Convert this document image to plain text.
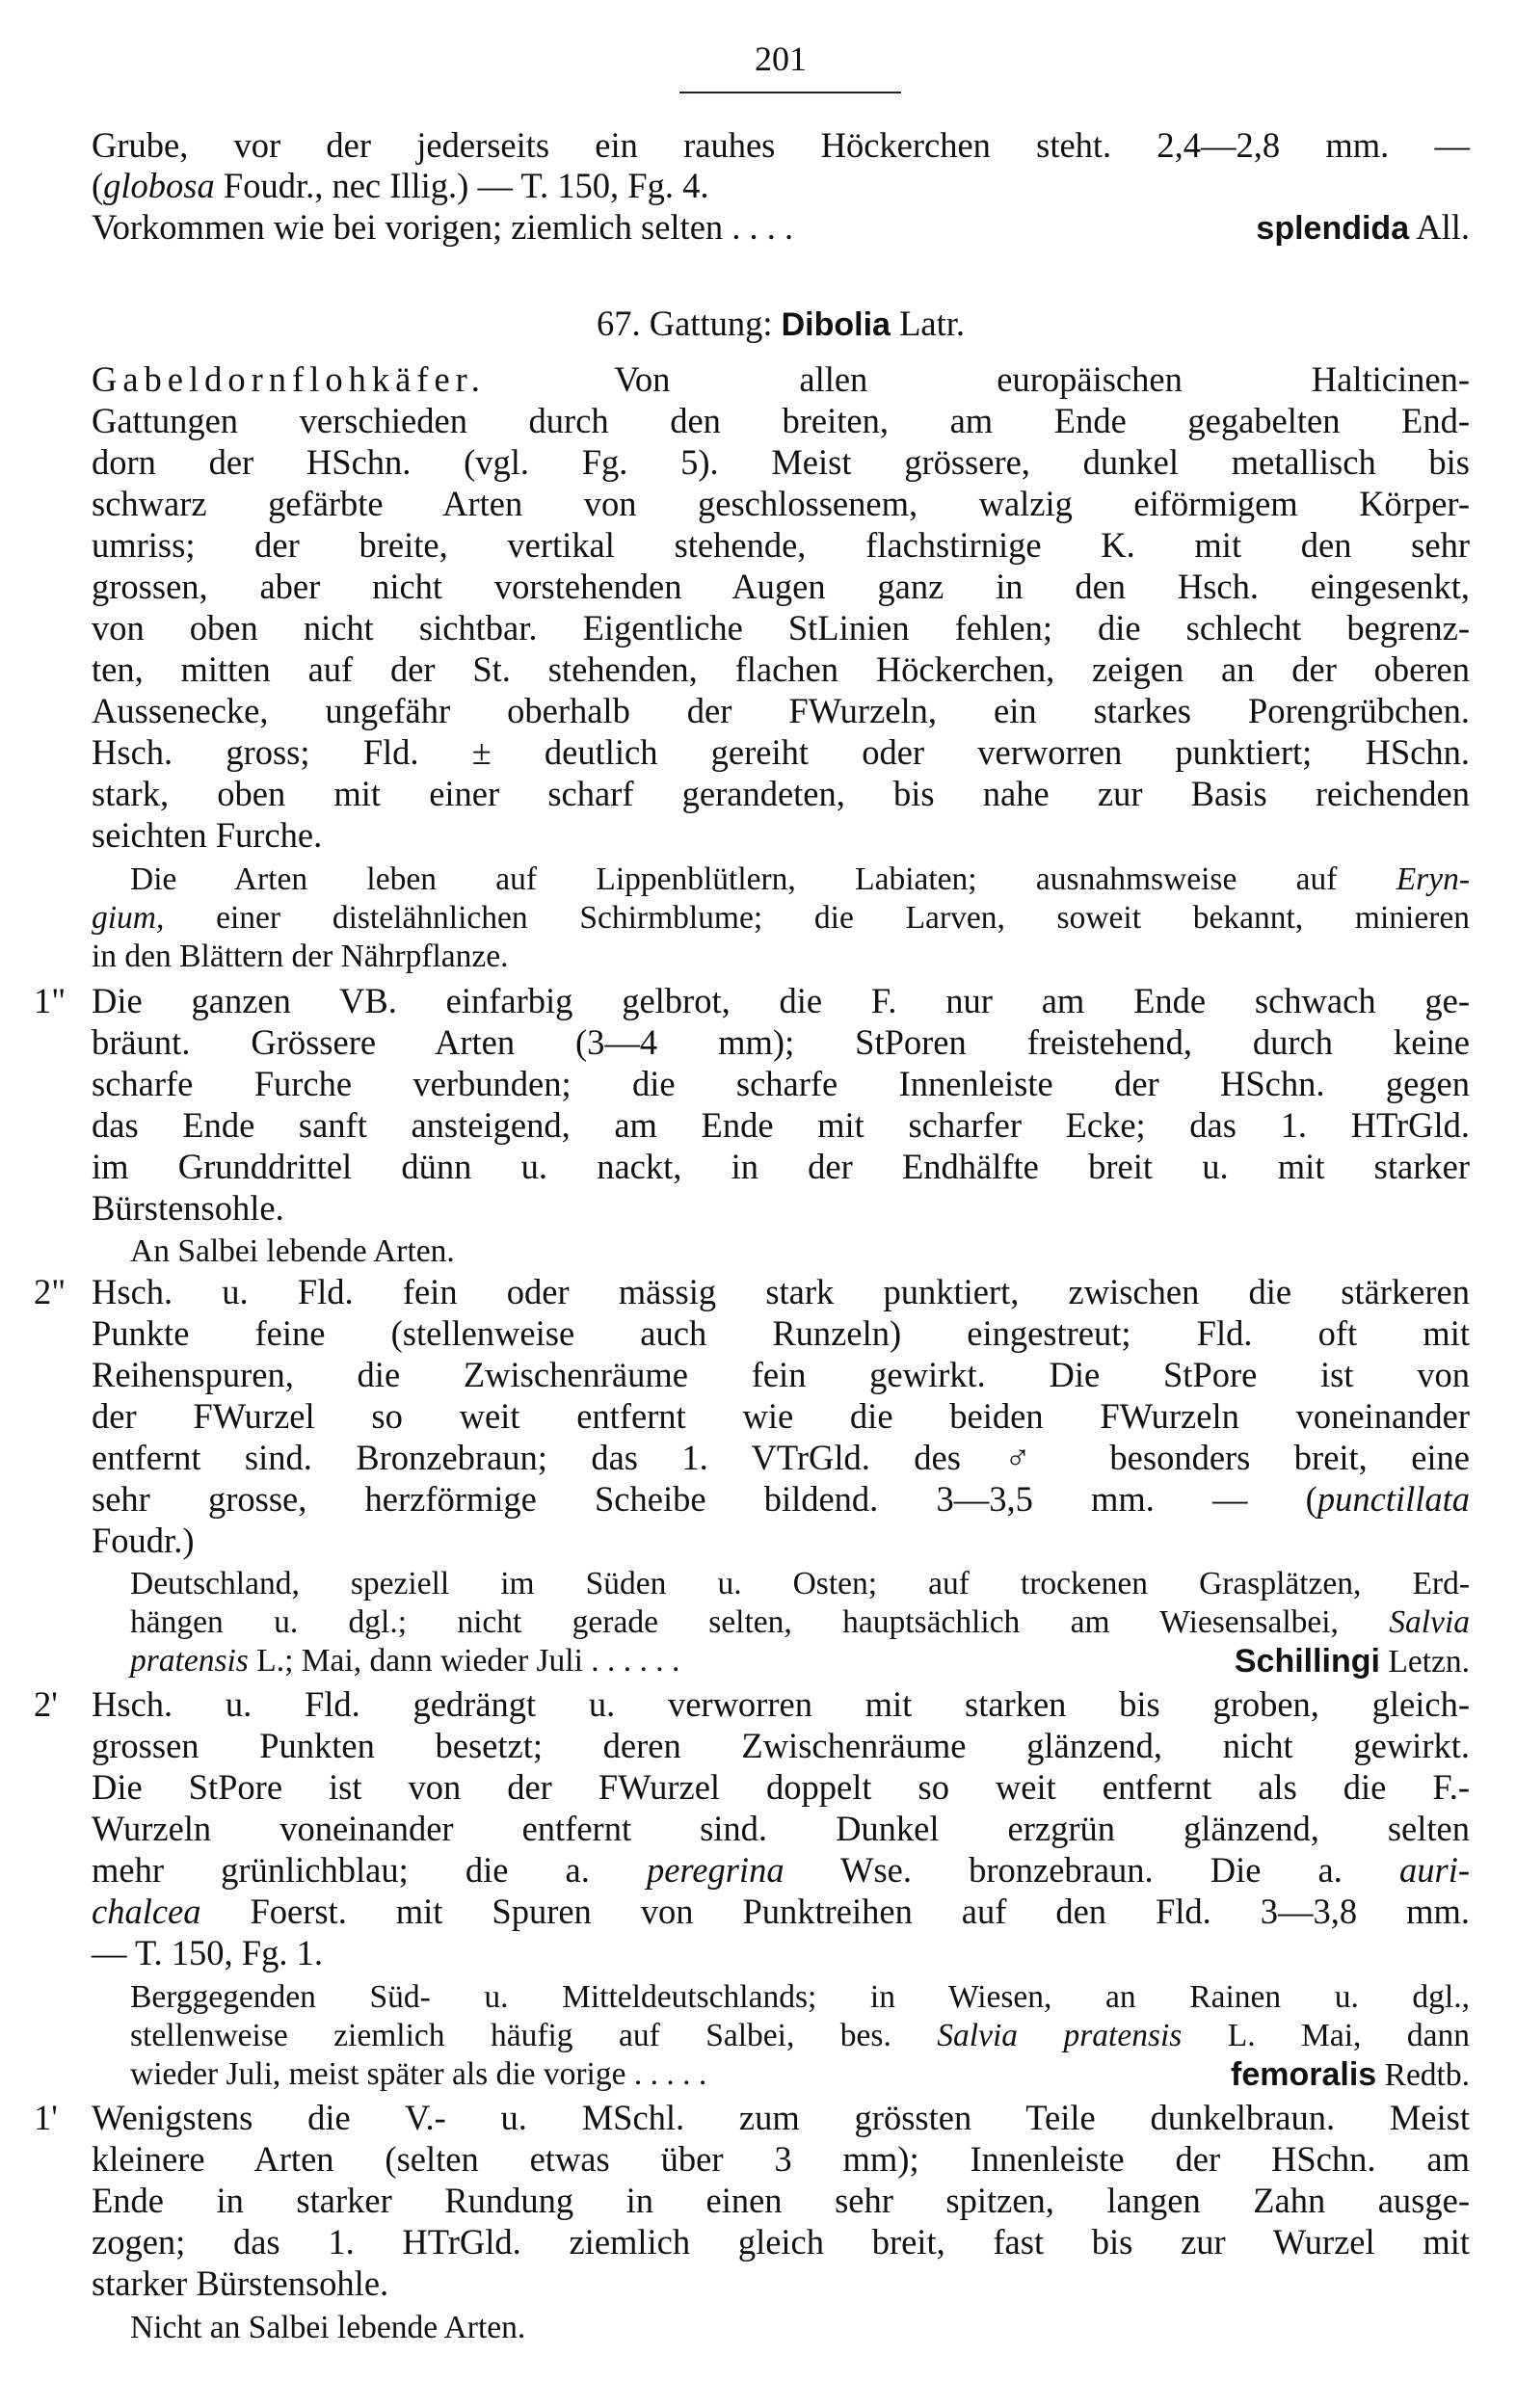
201
Grube, vor der jederseits ein rauhes Höckerchen steht. 2,4—2,8 mm. —
(globosa Foudr., nec Illig.) — T. 150, Fg. 4.
Vorkommen wie bei vorigen; ziemlich selten . . . .	splendida All.
67. Gattung: Dibolia Latr.
Gabeldornflohkäfer. Von allen europäischen Halticinen-
Gattungen verschieden durch den breiten, am Ende gegabelten End-
dorn der HSchn. (vgl. Fg. 5). Meist grössere, dunkel metallisch bis
schwarz gefärbte Arten von geschlossenem, walzig eiförmigem Körper-
umriss; der breite, vertikal stehende, flachstirnige K. mit den sehr
grossen, aber nicht vorstehenden Augen ganz in den Hsch. eingesenkt,
von oben nicht sichtbar. Eigentliche StLinien fehlen; die schlecht begrenz-
ten, mitten auf der St. stehenden, flachen Höckerchen, zeigen an der oberen
Aussenecke, ungefähr oberhalb der FWurzeln, ein starkes Porengrübchen.
Hsch. gross; Fld. ± deutlich gereiht oder verworren punktiert; HSchn.
stark, oben mit einer scharf gerandeten, bis nahe zur Basis reichenden
seichten Furche.
Die Arten leben auf Lippenblütlern, Labiaten; ausnahmsweise auf Eryn-
gium, einer distelähnlichen Schirmblume; die Larven, soweit bekannt, minieren
in den Blättern der Nährpflanze.
1" Die ganzen VB. einfarbig gelbrot, die F. nur am Ende schwach ge-
bräunt. Grössere Arten (3—4 mm); StPoren freistehend, durch keine
scharfe Furche verbunden; die scharfe Innenleiste der HSchn. gegen
das Ende sanft ansteigend, am Ende mit scharfer Ecke; das 1. HTrGld.
im Grunddrittel dünn u. nackt, in der Endhälfte breit u. mit starker
Bürstensohle.
An Salbei lebende Arten.
2" Hsch. u. Fld. fein oder mässig stark punktiert, zwischen die stärkeren
Punkte feine (stellenweise auch Runzeln) eingestreut; Fld. oft mit
Reihenspuren, die Zwischenräume fein gewirkt. Die StPore ist von
der FWurzel so weit entfernt wie die beiden FWurzeln voneinander
entfernt sind. Bronzebraun; das 1. VTrGld. des ♂ besonders breit, eine
sehr grosse, herzförmige Scheibe bildend. 3—3,5 mm. — (punctillata
Foudr.)
Deutschland, speziell im Süden u. Osten; auf trockenen Grasplätzen, Erd-
hängen u. dgl.; nicht gerade selten, hauptsächlich am Wiesensalbei, Salvia
pratensis L.; Mai, dann wieder Juli . . . . . .	Schillingi Letzn.
2' Hsch. u. Fld. gedrängt u. verworren mit starken bis groben, gleich-
grossen Punkten besetzt; deren Zwischenräume glänzend, nicht gewirkt.
Die StPore ist von der FWurzel doppelt so weit entfernt als die F.-
Wurzeln voneinander entfernt sind. Dunkel erzgrün glänzend, selten
mehr grünlichblau; die a. peregrina Wse. bronzebraun. Die a. auri-
chalcea Foerst. mit Spuren von Punktreihen auf den Fld. 3—3,8 mm.
— T. 150, Fg. 1.
Berggegenden Süd- u. Mitteldeutschlands; in Wiesen, an Rainen u. dgl.,
stellenweise ziemlich häufig auf Salbei, bes. Salvia pratensis L. Mai, dann
wieder Juli, meist später als die vorige . . . . .	femoralis Redtb.
1' Wenigstens die V.- u. MSchl. zum grössten Teile dunkelbraun. Meist
kleinere Arten (selten etwas über 3 mm); Innenleiste der HSchn. am
Ende in starker Rundung in einen sehr spitzen, langen Zahn ausge-
zogen; das 1. HTrGld. ziemlich gleich breit, fast bis zur Wurzel mit
starker Bürstensohle.
Nicht an Salbei lebende Arten.
